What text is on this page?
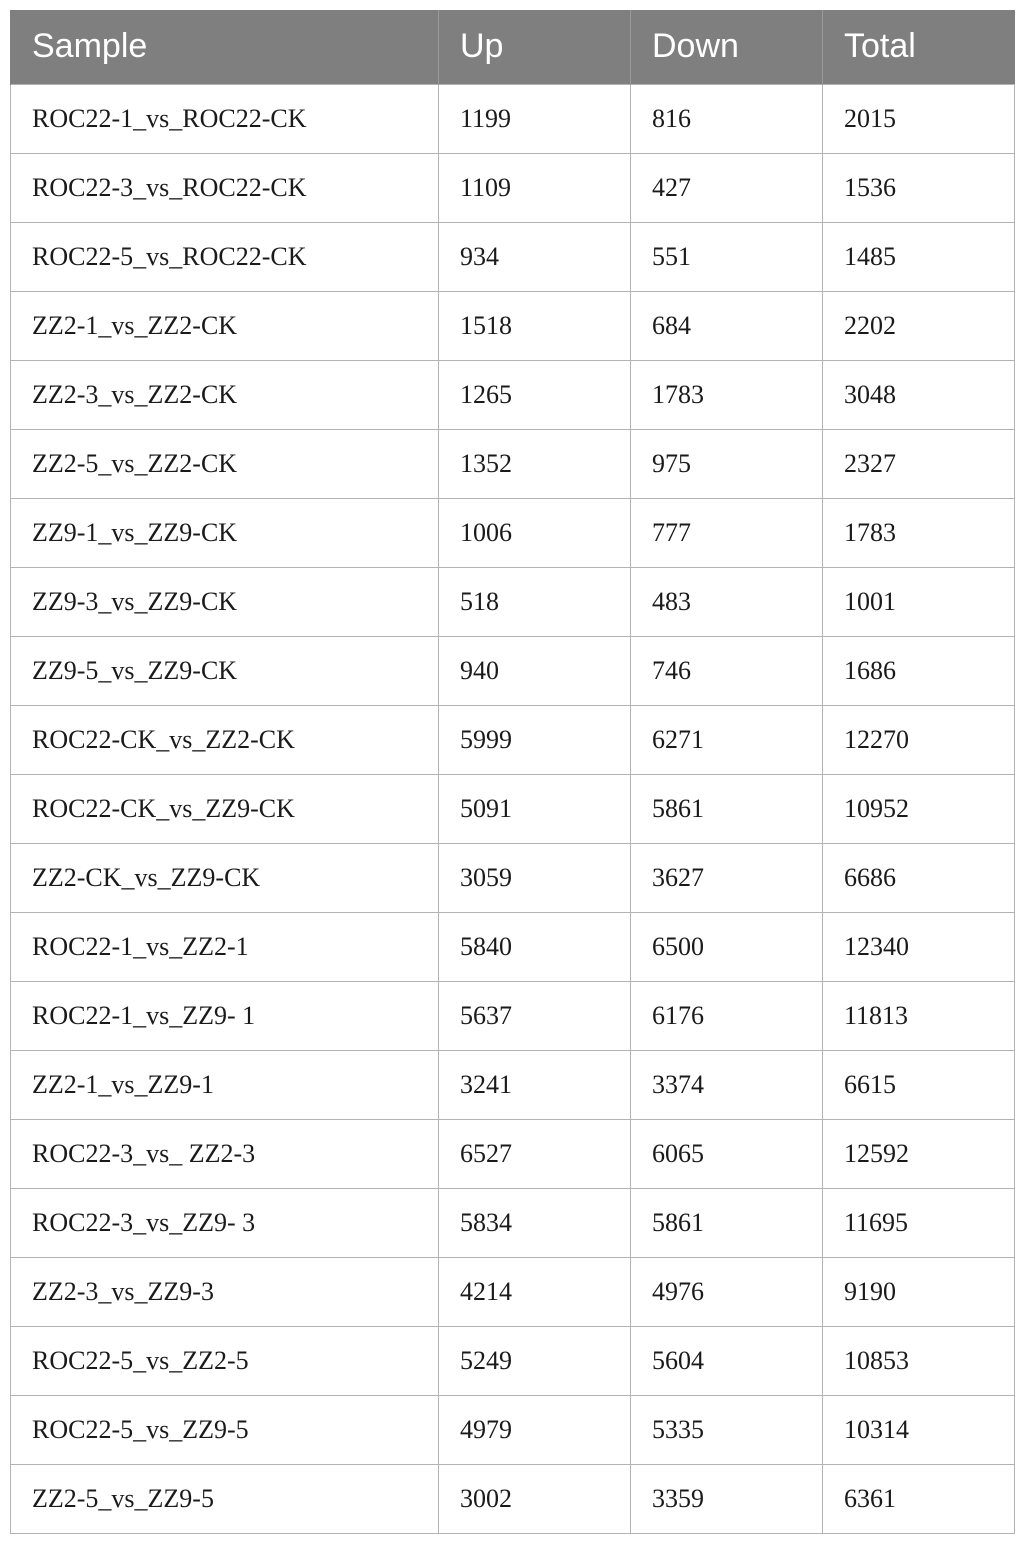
Sample	Up	Down	Total
ROC22-1_vs_ROC22-CK	1199	816	2015
ROC22-3_vs_ROC22-CK	1109	427	1536
ROC22-5_vs_ROC22-CK	934	551	1485
ZZ2-1_vs_ZZ2-CK	1518	684	2202
ZZ2-3_vs_ZZ2-CK	1265	1783	3048
ZZ2-5_vs_ZZ2-CK	1352	975	2327
ZZ9-1_vs_ZZ9-CK	1006	777	1783
ZZ9-3_vs_ZZ9-CK	518	483	1001
ZZ9-5_vs_ZZ9-CK	940	746	1686
ROC22-CK_vs_ZZ2-CK	5999	6271	12270
ROC22-CK_vs_ZZ9-CK	5091	5861	10952
ZZ2-CK_vs_ZZ9-CK	3059	3627	6686
ROC22-1_vs_ZZ2-1	5840	6500	12340
ROC22-1_vs_ZZ9- 1	5637	6176	11813
ZZ2-1_vs_ZZ9-1	3241	3374	6615
ROC22-3_vs_ ZZ2-3	6527	6065	12592
ROC22-3_vs_ZZ9- 3	5834	5861	11695
ZZ2-3_vs_ZZ9-3	4214	4976	9190
ROC22-5_vs_ZZ2-5	5249	5604	10853
ROC22-5_vs_ZZ9-5	4979	5335	10314
ZZ2-5_vs_ZZ9-5	3002	3359	6361
